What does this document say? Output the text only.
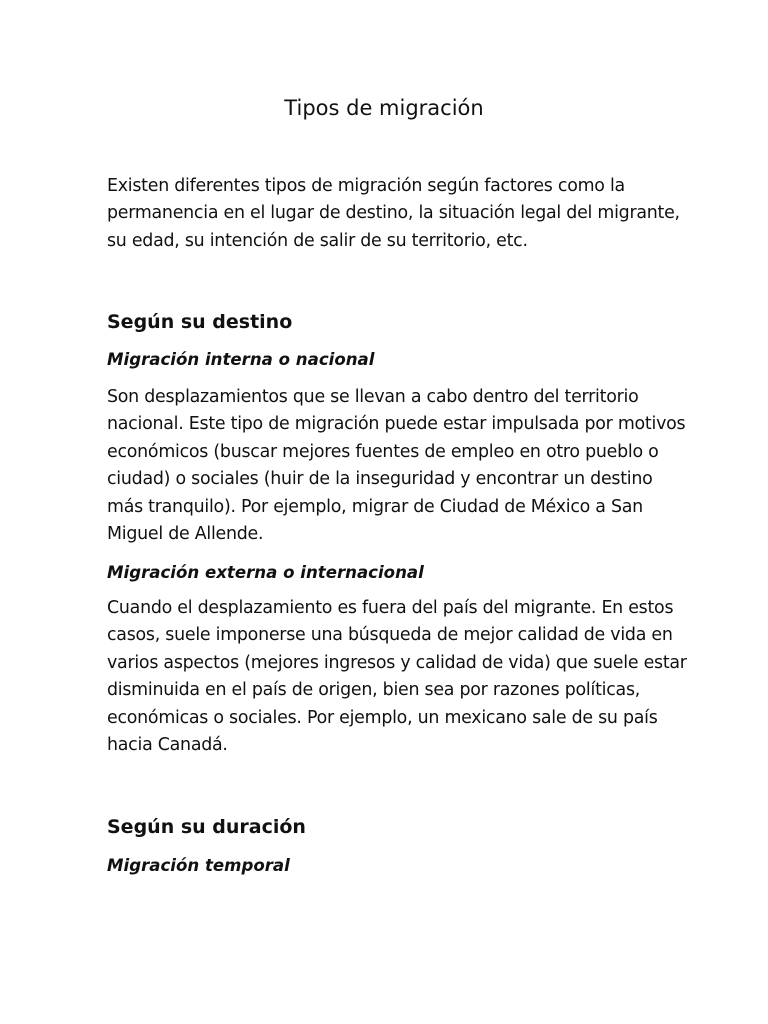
Tipos de migración

Existen diferentes tipos de migración según factores como la permanencia en el lugar de destino, la situación legal del migrante, su edad, su intención de salir de su territorio, etc.

Según su destino
Migración interna o nacional

Son desplazamientos que se llevan a cabo dentro del territorio nacional. Este tipo de migración puede estar impulsada por motivos económicos (buscar mejores fuentes de empleo en otro pueblo o ciudad) o sociales (huir de la inseguridad y encontrar un destino más tranquilo). Por ejemplo, migrar de Ciudad de México a San Miguel de Allende.

Migración externa o internacional

Cuando el desplazamiento es fuera del país del migrante. En estos casos, suele imponerse una búsqueda de mejor calidad de vida en varios aspectos (mejores ingresos y calidad de vida) que suele estar disminuida en el país de origen, bien sea por razones políticas, económicas o sociales. Por ejemplo, un mexicano sale de su país hacia Canadá.

Según su duración
Migración temporal
